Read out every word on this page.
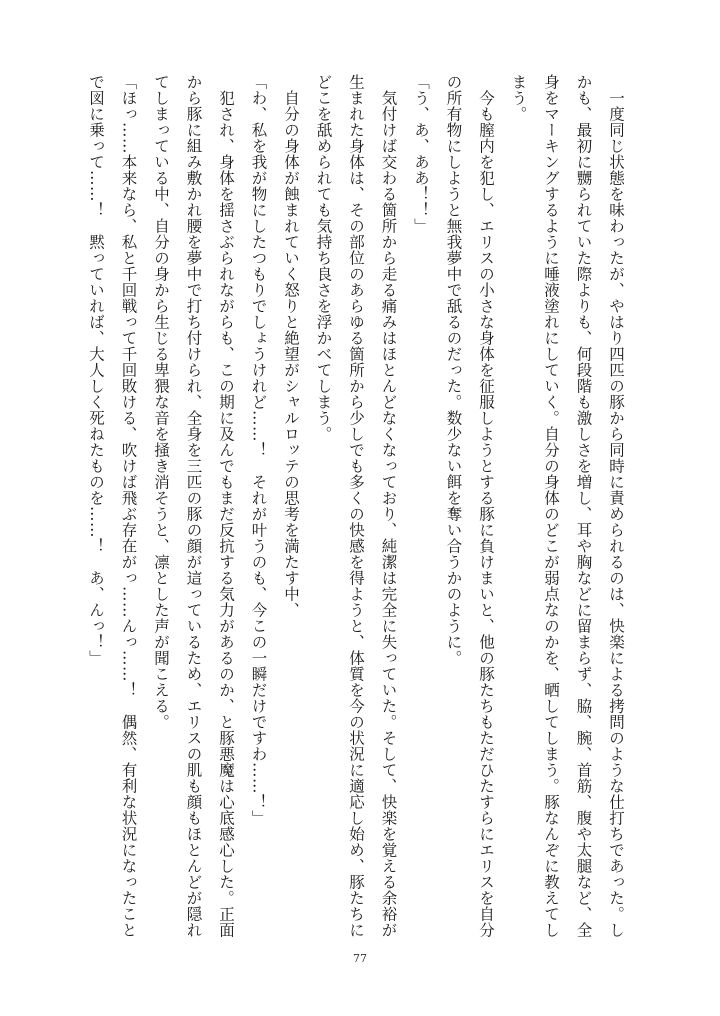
一度同じ状態を味わったが、やはり四匹の豚から同時に責められるのは、快楽による拷問のような仕打ちであった。しかも、最初に嬲られていた際よりも、何段階も激しさを増し、耳や胸などに留まらず、脇、腕、首筋、腹や太腿など、全身をマーキングするように唾液塗れにしていく。自分の身体のどこが弱点なのかを、晒してしまう。豚なんぞに教えてしまう。

今も膣内を犯し、エリスの小さな身体を征服しようとする豚に負けまいと、他の豚たちもただひたすらにエリスを自分の所有物にしようと無我夢中で舐るのだった。数少ない餌を奪い合うかのように。

「う、あ、ああ！！」

気付けば交わる箇所から走る痛みはほとんどなくなっており、純潔は完全に失っていた。そして、快楽を覚える余裕が生まれた身体は、その部位のあらゆる箇所から少しでも多くの快感を得ようと、体質を今の状況に適応し始め、豚たちにどこを舐められても気持ち良さを浮かべてしまう。

自分の身体が蝕まれていく怒りと絶望がシャルロッテの思考を満たす中、

「わ、私を我が物にしたつもりでしょうけれど……！　それが叶うのも、今この一瞬だけですわ……！」

犯され、身体を揺さぶられながらも、この期に及んでもまだ反抗する気力があるのか、と豚悪魔は心底感心した。正面から豚に組み敷かれ腰を夢中で打ち付けられ、全身を三匹の豚の顔が這っているため、エリスの肌も顔もほとんどが隠れてしまっている中、自分の身から生じる卑猥な音を掻き消そうと、凛とした声が聞こえる。

「ほっ……本来なら、私と千回戦って千回敗ける、吹けば飛ぶ存在がっ……んっ……！　偶然、有利な状況になったことで図に乗って……！　黙っていれば、大人しく死ねたものを……！　あ、んっ！」

77
